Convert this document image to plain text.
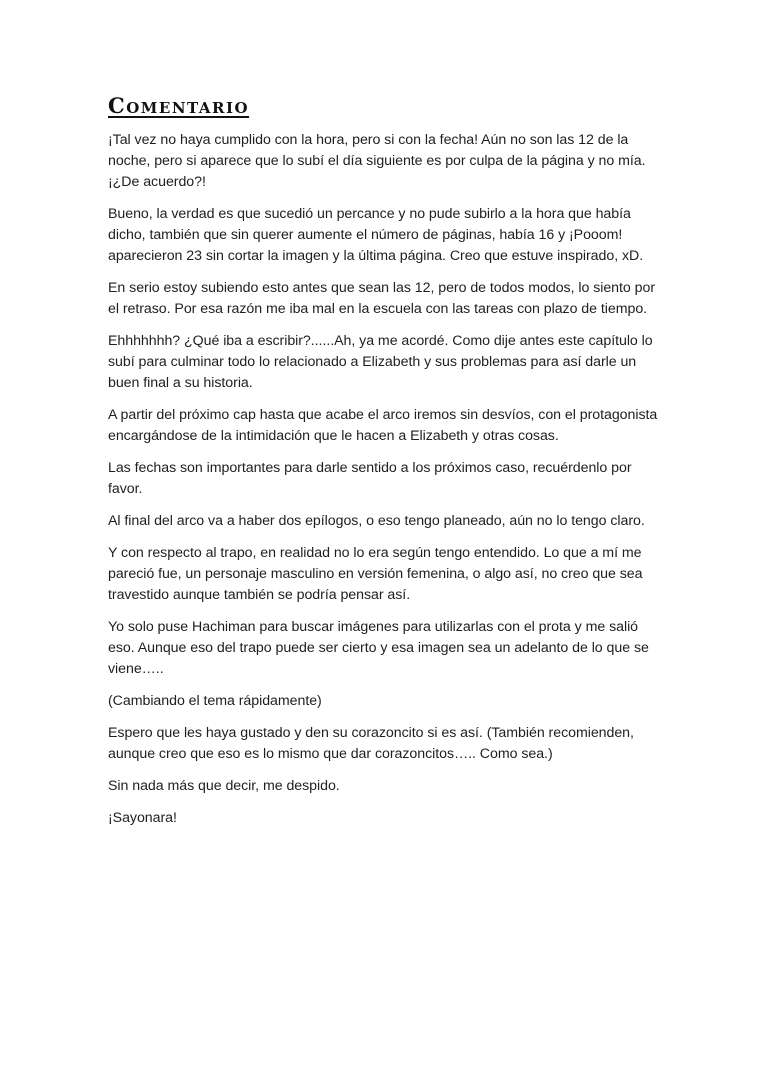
Comentario

¡Tal vez no haya cumplido con la hora, pero si con la fecha! Aún no son las 12 de la noche, pero si aparece que lo subí el día siguiente es por culpa de la página y no mía. ¡¿De acuerdo?!

Bueno, la verdad es que sucedió un percance y no pude subirlo a la hora que había dicho, también que sin querer aumente el número de páginas, había 16 y ¡Pooom! aparecieron 23 sin cortar la imagen y la última página. Creo que estuve inspirado, xD.

En serio estoy subiendo esto antes que sean las 12, pero de todos modos, lo siento por el retraso. Por esa razón me iba mal en la escuela con las tareas con plazo de tiempo.

Ehhhhhhh? ¿Qué iba a escribir?......Ah, ya me acordé. Como dije antes este capítulo lo subí para culminar todo lo relacionado a Elizabeth y sus problemas para así darle un buen final a su historia.

A partir del próximo cap hasta que acabe el arco iremos sin desvíos, con el protagonista encargándose de la intimidación que le hacen a Elizabeth y otras cosas.

Las fechas son importantes para darle sentido a los próximos caso, recuérdenlo por favor.

Al final del arco va a haber dos epílogos, o eso tengo planeado, aún no lo tengo claro.

Y con respecto al trapo, en realidad no lo era según tengo entendido. Lo que a mí me pareció fue, un personaje masculino en versión femenina, o algo así, no creo que sea travestido aunque también se podría pensar así.

Yo solo puse Hachiman para buscar imágenes para utilizarlas con el prota y me salió eso. Aunque eso del trapo puede ser cierto y esa imagen sea un adelanto de lo que se viene…..

(Cambiando el tema rápidamente)

Espero que les haya gustado y den su corazoncito si es así. (También recomienden, aunque creo que eso es lo mismo que dar corazoncitos….. Como sea.)

Sin nada más que decir, me despido.

¡Sayonara!
